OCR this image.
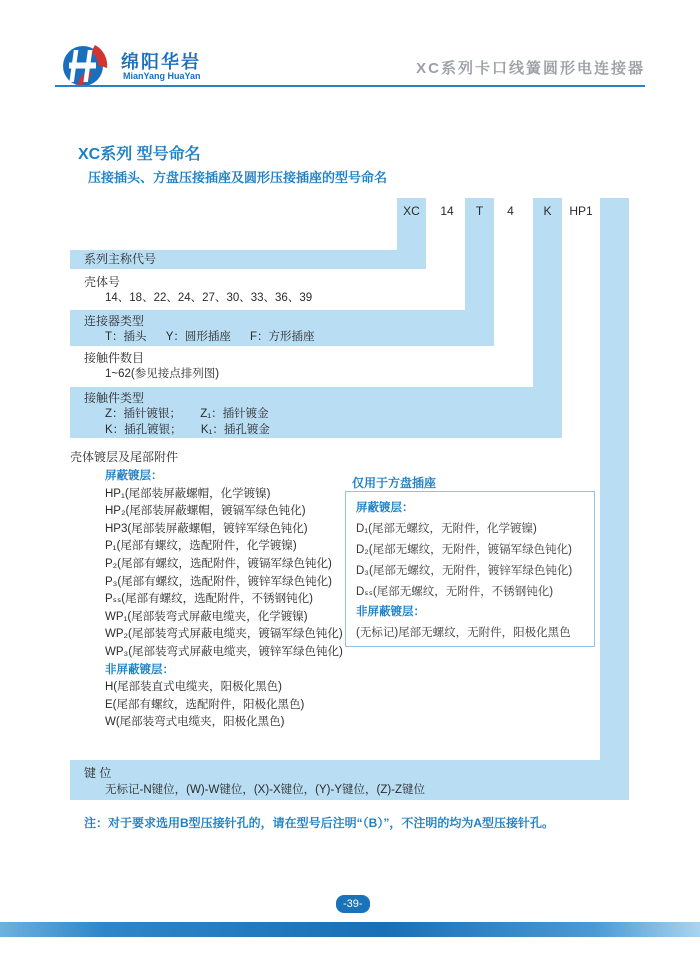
绵阳华岩
MianYang HuaYan	XC系列卡口线簧圆形电连接器
XC系列 型号命名
压接插头、方盘压接插座及圆形压接插座的型号命名
XC	14	T	4	K	HP1
系列主称代号
壳体号
14、18、22、24、27、30、33、36、39
连接器类型
T：插头      Y：圆形插座      F：方形插座
接触件数目
1~62(参见接点排列图)
接触件类型
Z：插针镀银；      Z₁：插针镀金
K：插孔镀银；      K₁：插孔镀金
壳体镀层及尾部附件
屏蔽镀层：
HP₁(尾部装屏蔽螺帽，化学镀镍)
HP₂(尾部装屏蔽螺帽，镀镉军绿色钝化)
HP3(尾部装屏蔽螺帽，镀锌军绿色钝化)
P₁(尾部有螺纹，选配附件，化学镀镍)
P₂(尾部有螺纹，选配附件，镀镉军绿色钝化)
P₃(尾部有螺纹，选配附件，镀锌军绿色钝化)
Pₛₛ(尾部有螺纹，选配附件，不锈钢钝化)
WP₁(尾部装弯式屏蔽电缆夹，化学镀镍)
WP₂(尾部装弯式屏蔽电缆夹，镀镉军绿色钝化)
WP₃(尾部装弯式屏蔽电缆夹，镀锌军绿色钝化)
非屏蔽镀层：
H(尾部装直式电缆夹，阳极化黑色)
E(尾部有螺纹，选配附件，阳极化黑色)
W(尾部装弯式电缆夹，阳极化黑色)
仅用于方盘插座
屏蔽镀层：
D₁(尾部无螺纹，无附件，化学镀镍)
D₂(尾部无螺纹，无附件，镀镉军绿色钝化)
D₃(尾部无螺纹，无附件，镀锌军绿色钝化)
Dₛₛ(尾部无螺纹，无附件，不锈钢钝化)
非屏蔽镀层：
(无标记)尾部无螺纹，无附件，阳极化黑色
键 位
无标记-N键位，(W)-W键位，(X)-X键位，(Y)-Y键位，(Z)-Z键位
注：对于要求选用B型压接针孔的，请在型号后注明“（B）”，不注明的均为A型压接针孔。
-39-
